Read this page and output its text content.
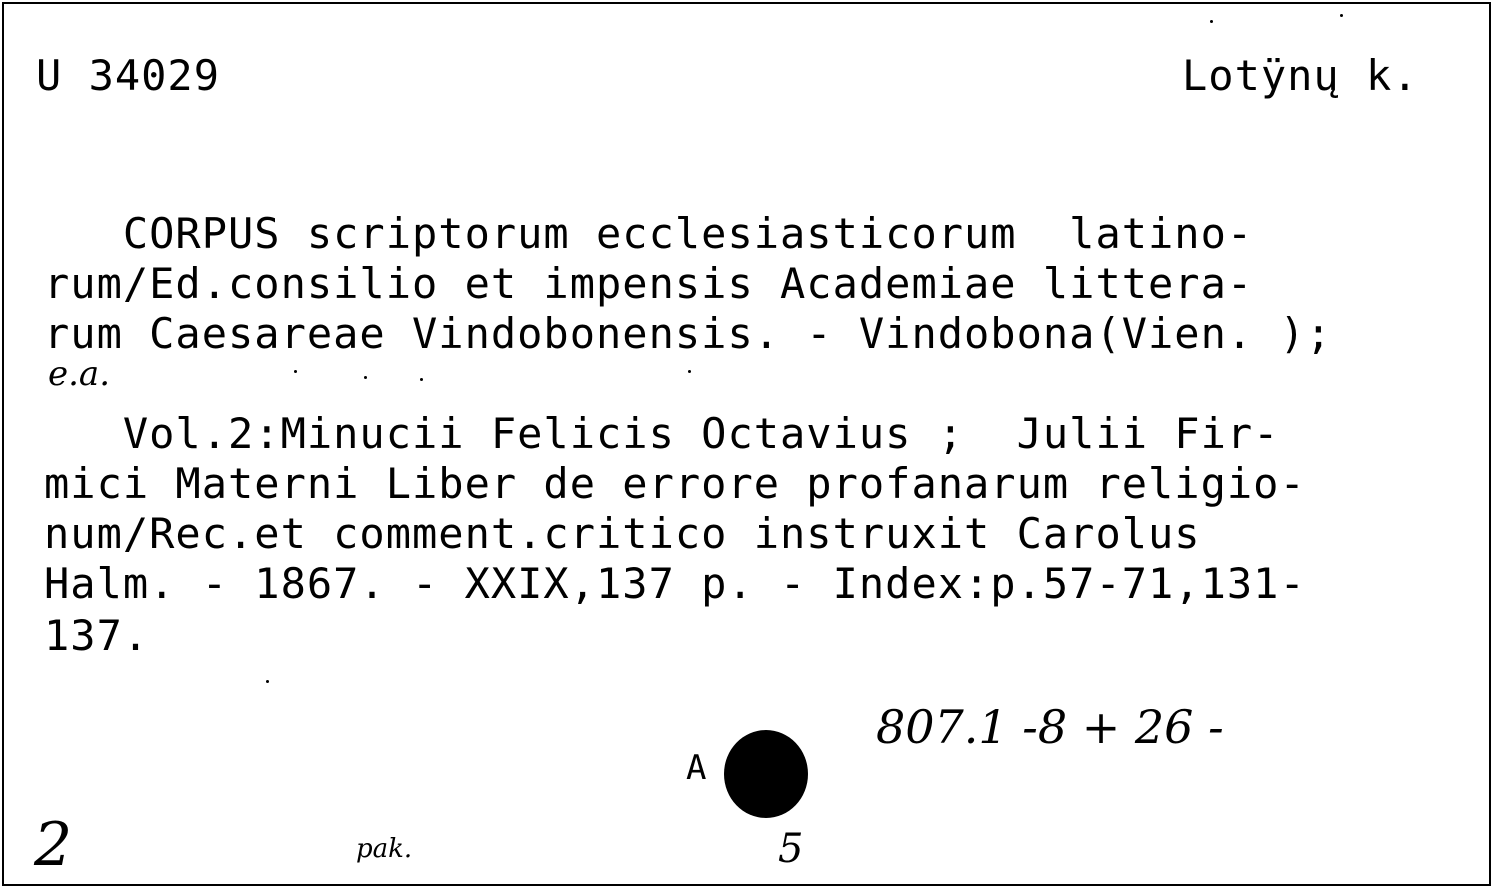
U 34029	Lotÿnų k.
CORPUS scriptorum ecclesiasticorum  latino-
rum/Ed.consilio et impensis Academiae littera-
rum Caesareae Vindobonensis. - Vindobona(Vien. );
e.a.
Vol.2:Minucii Felicis Octavius ;  Julii Fir-
mici Materni Liber de errore profanarum religio-
num/Rec.et comment.critico instruxit Carolus
Halm. - 1867. - XXIX,137 p. - Index:p.57-71,131-
137.
807.1 -8 + 26 -
A
2	pak.	5
